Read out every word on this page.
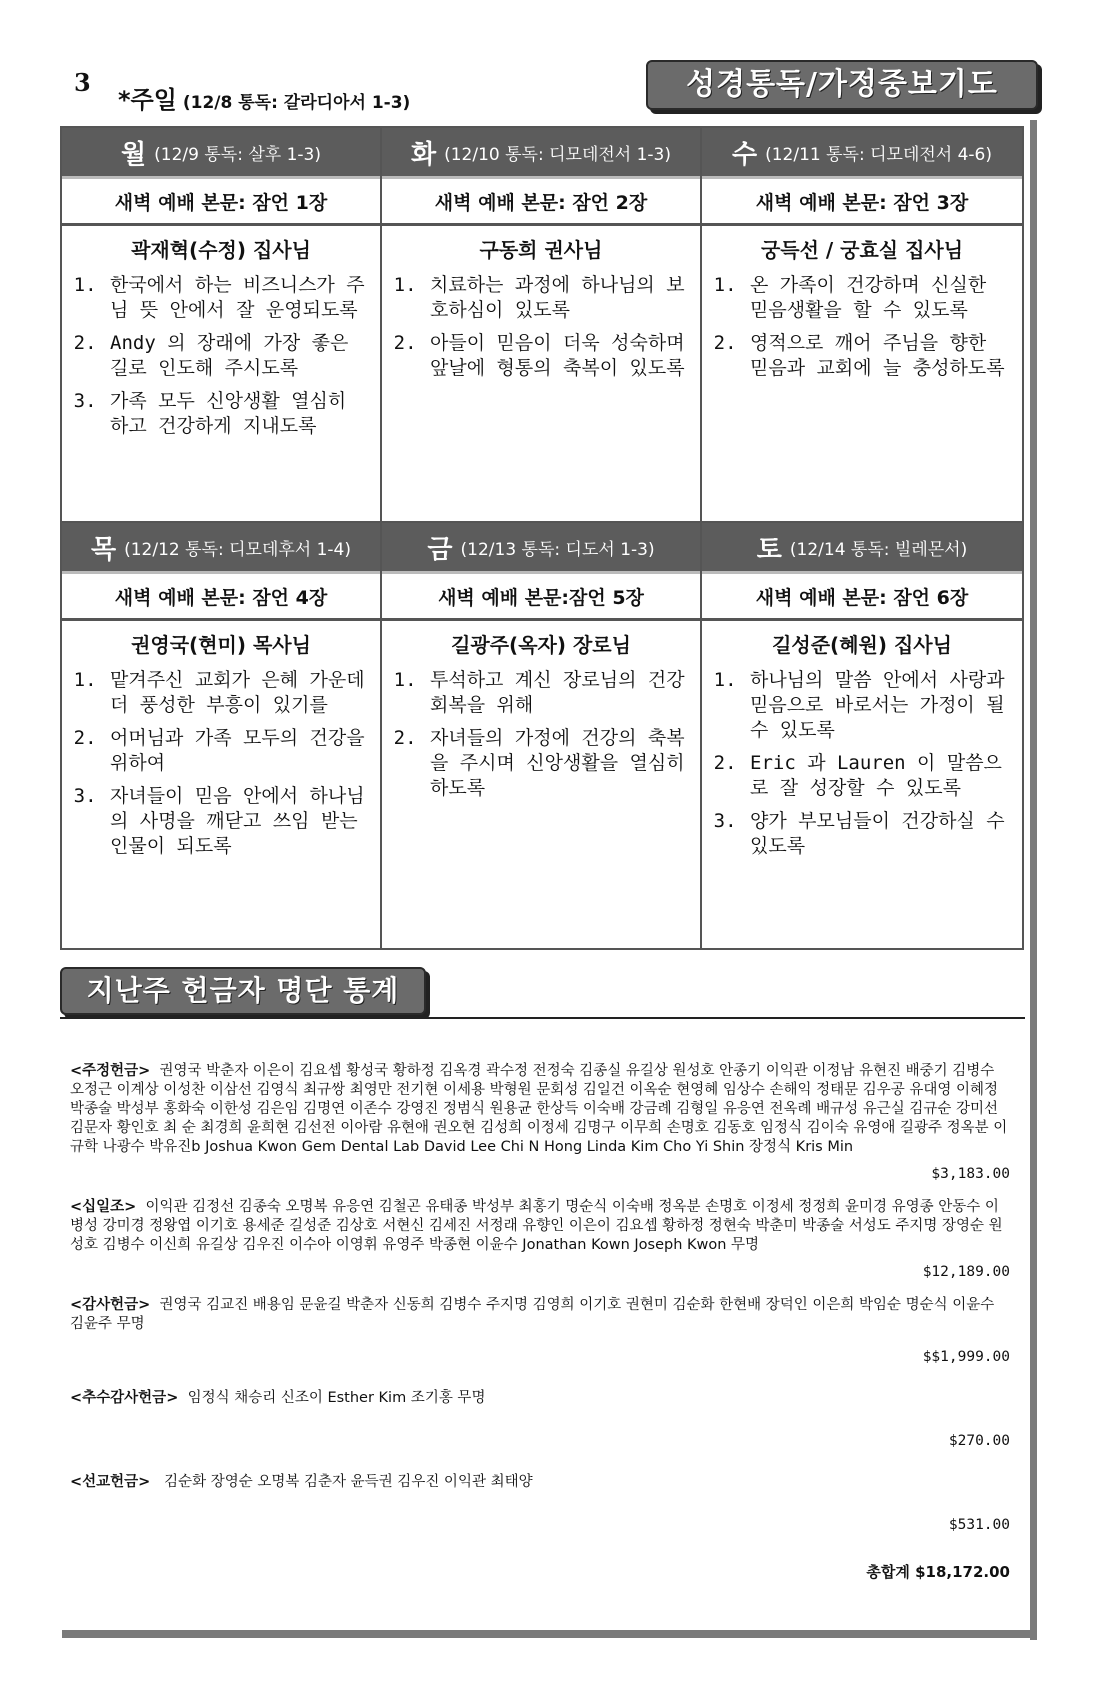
3
*주일 (12/8 통독: 갈라디아서 1-3)
성경통독/가정중보기도
월 (12/9 통독: 살후 1-3)
새벽 예배 본문: 잠언 1장
곽재혁(수정) 집사님
1. 한국에서 하는 비즈니스가 주님 뜻 안에서 잘 운영되도록
2. Andy 의 장래에 가장 좋은 길로 인도해 주시도록
3. 가족 모두 신앙생활 열심히 하고 건강하게 지내도록
화 (12/10 통독: 디모데전서 1-3)
새벽 예배 본문: 잠언 2장
구동희 권사님
1. 치료하는 과정에 하나님의 보호하심이 있도록
2. 아들이 믿음이 더욱 성숙하며 앞날에 형통의 축복이 있도록
수 (12/11 통독: 디모데전서 4-6)
새벽 예배 본문: 잠언 3장
궁득선 / 궁효실 집사님
1. 온 가족이 건강하며 신실한 믿음생활을 할 수 있도록
2. 영적으로 깨어 주님을 향한 믿음과 교회에 늘 충성하도록
목 (12/12 통독: 디모데후서 1-4)
새벽 예배 본문: 잠언 4장
권영국(현미) 목사님
1. 맡겨주신 교회가 은혜 가운데 더 풍성한 부흥이 있기를
2. 어머님과 가족 모두의 건강을 위하여
3. 자녀들이 믿음 안에서 하나님의 사명을 깨닫고 쓰임 받는 인물이 되도록
금 (12/13 통독: 디도서 1-3)
새벽 예배 본문:잠언 5장
길광주(옥자) 장로님
1. 투석하고 계신 장로님의 건강 회복을 위해
2. 자녀들의 가정에 건강의 축복을 주시며 신앙생활을 열심히 하도록
토 (12/14 통독: 빌레몬서)
새벽 예배 본문: 잠언 6장
길성준(혜원) 집사님
1. 하나님의 말씀 안에서 사랑과 믿음으로 바로서는 가정이 될 수 있도록
2. Eric 과 Lauren 이 말씀으로 잘 성장할 수 있도록
3. 양가 부모님들이 건강하실 수 있도록
지난주 헌금자 명단 통계

<주정헌금> 권영국 박춘자 이은이 김요셉 황성국 황하정 김옥경 곽수정 전정숙 김종실 유길상 원성호 안종기 이익관 이정남 유현진 배중기 김병수 오정근 이계상 이성찬 이삼선 김영식 최규쌍 최영만 전기현 이세용 박형원 문회성 김일건 이옥순 현영혜 임상수 손해익 정태문 김우공 유대영 이혜정 박종술 박성부 홍화숙 이한성 김은임 김명연 이존수 강영진 정범식 원용균 한상득 이숙배 강금례 김형일 유응연 전옥례 배규성 유근실 김규순 강미선 김문자 황인호 최 순 최경희 윤희현 김선전 이아람 유현애 권오현 김성희 이정세 김명구 이무희 손명호 김동호 임정식 김이숙 유영애 길광주 정옥분 이규학 나광수 박유진b Joshua Kwon Gem Dental Lab David Lee Chi N Hong Linda Kim Cho Yi Shin 장정식 Kris Min

$3,183.00

<십일조> 이익관 김정선 김종숙 오명복 유응연 김철곤 유태종 박성부 최홍기 명순식 이숙배 정옥분 손명호 이정세 정정희 윤미경 유영종 안동수 이병성 강미경 정왕엽 이기호 용세준 길성준 김상호 서현신 김세진 서정래 유향인 이은이 김요셉 황하정 정현숙 박춘미 박종술 서성도 주지명 장영순 원성호 김병수 이신희 유길상 김우진 이수아 이영휘 유영주 박종현 이윤수 Jonathan Kown Joseph Kwon 무명

$12,189.00

<감사헌금> 권영국 김교진 배용임 문윤길 박춘자 신동희 김병수 주지명 김영희 이기호 권현미 김순화 한현배 장덕인 이은희 박임순 명순식 이윤수 김윤주 무명

$$1,999.00

<추수감사헌금> 임정식 채승리 신조이 Esther Kim 조기홍 무명

$270.00

<선교헌금> 김순화 장영순 오명복 김춘자 윤득권 김우진 이익관 최태양

$531.00
총합계 $18,172.00
